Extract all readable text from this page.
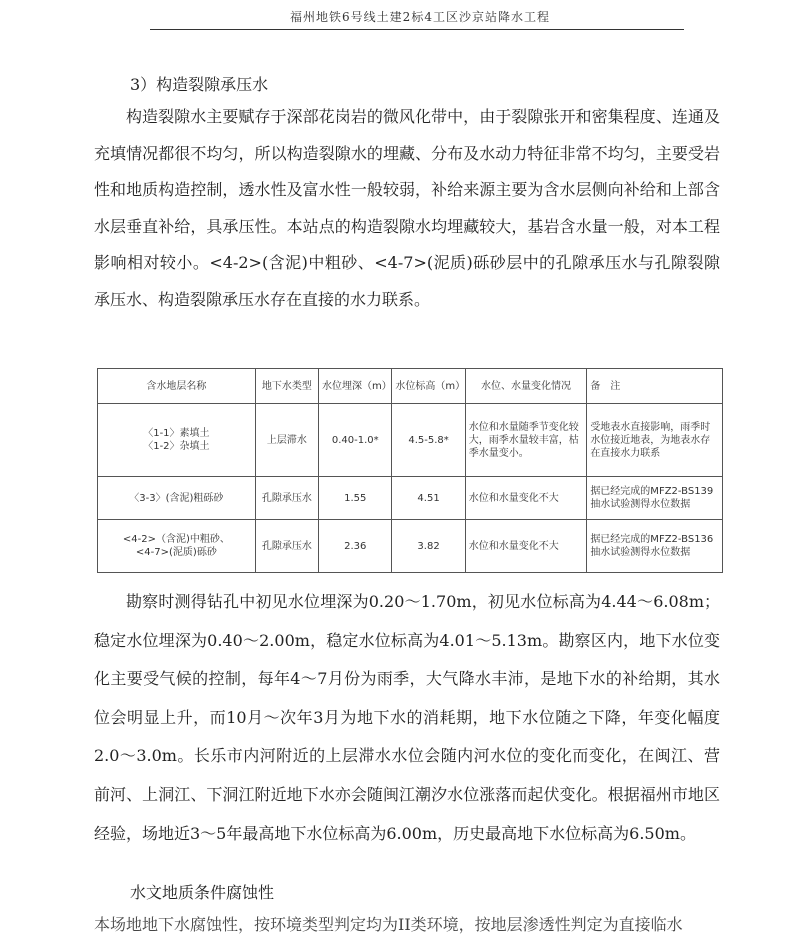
福州地铁6号线土建2标4工区沙京站降水工程
3）构造裂隙承压水
构造裂隙水主要赋存于深部花岗岩的微风化带中，由于裂隙张开和密集程度、连通及充填情况都很不均匀，所以构造裂隙水的埋藏、分布及水动力特征非常不均匀，主要受岩性和地质构造控制，透水性及富水性一般较弱，补给来源主要为含水层侧向补给和上部含水层垂直补给，具承压性。本站点的构造裂隙水均埋藏较大，基岩含水量一般，对本工程影响相对较小。<4-2>(含泥)中粗砂、<4-7>(泥质)砾砂层中的孔隙承压水与孔隙裂隙承压水、构造裂隙承压水存在直接的水力联系。
含水地层名称	地下水类型	水位埋深（m）	水位标高（m）	水位、水量变化情况	备　注

〈1-1〉素填土
〈1-2〉杂填土	上层滞水	0.40-1.0*	4.5-5.8*	水位和水量随季节变化较大，雨季水量较丰富，枯季水量变小。	受地表水直接影响，雨季时水位接近地表，为地表水存在直接水力联系

〈3-3〉(含泥)粗砾砂	孔隙承压水	1.55	4.51	水位和水量变化不大	据已经完成的MFZ2-BS139抽水试验测得水位数据

<4-2>（含泥)中粗砂、
<4-7>(泥质)砾砂	孔隙承压水	2.36	3.82	水位和水量变化不大	据已经完成的MFZ2-BS136抽水试验测得水位数据
勘察时测得钻孔中初见水位埋深为0.20～1.70m，初见水位标高为4.44～6.08m；稳定水位埋深为0.40～2.00m，稳定水位标高为4.01～5.13m。勘察区内，地下水位变化主要受气候的控制，每年4～7月份为雨季，大气降水丰沛，是地下水的补给期，其水位会明显上升，而10月～次年3月为地下水的消耗期，地下水位随之下降，年变化幅度2.0～3.0m。长乐市内河附近的上层滞水水位会随内河水位的变化而变化，在闽江、营前河、上洞江、下洞江附近地下水亦会随闽江潮汐水位涨落而起伏变化。根据福州市地区经验，场地近3～5年最高地下水位标高为6.00m，历史最高地下水位标高为6.50m。
水文地质条件腐蚀性
本场地地下水腐蚀性，按环境类型判定均为II类环境，按地层渗透性判定为直接临水
